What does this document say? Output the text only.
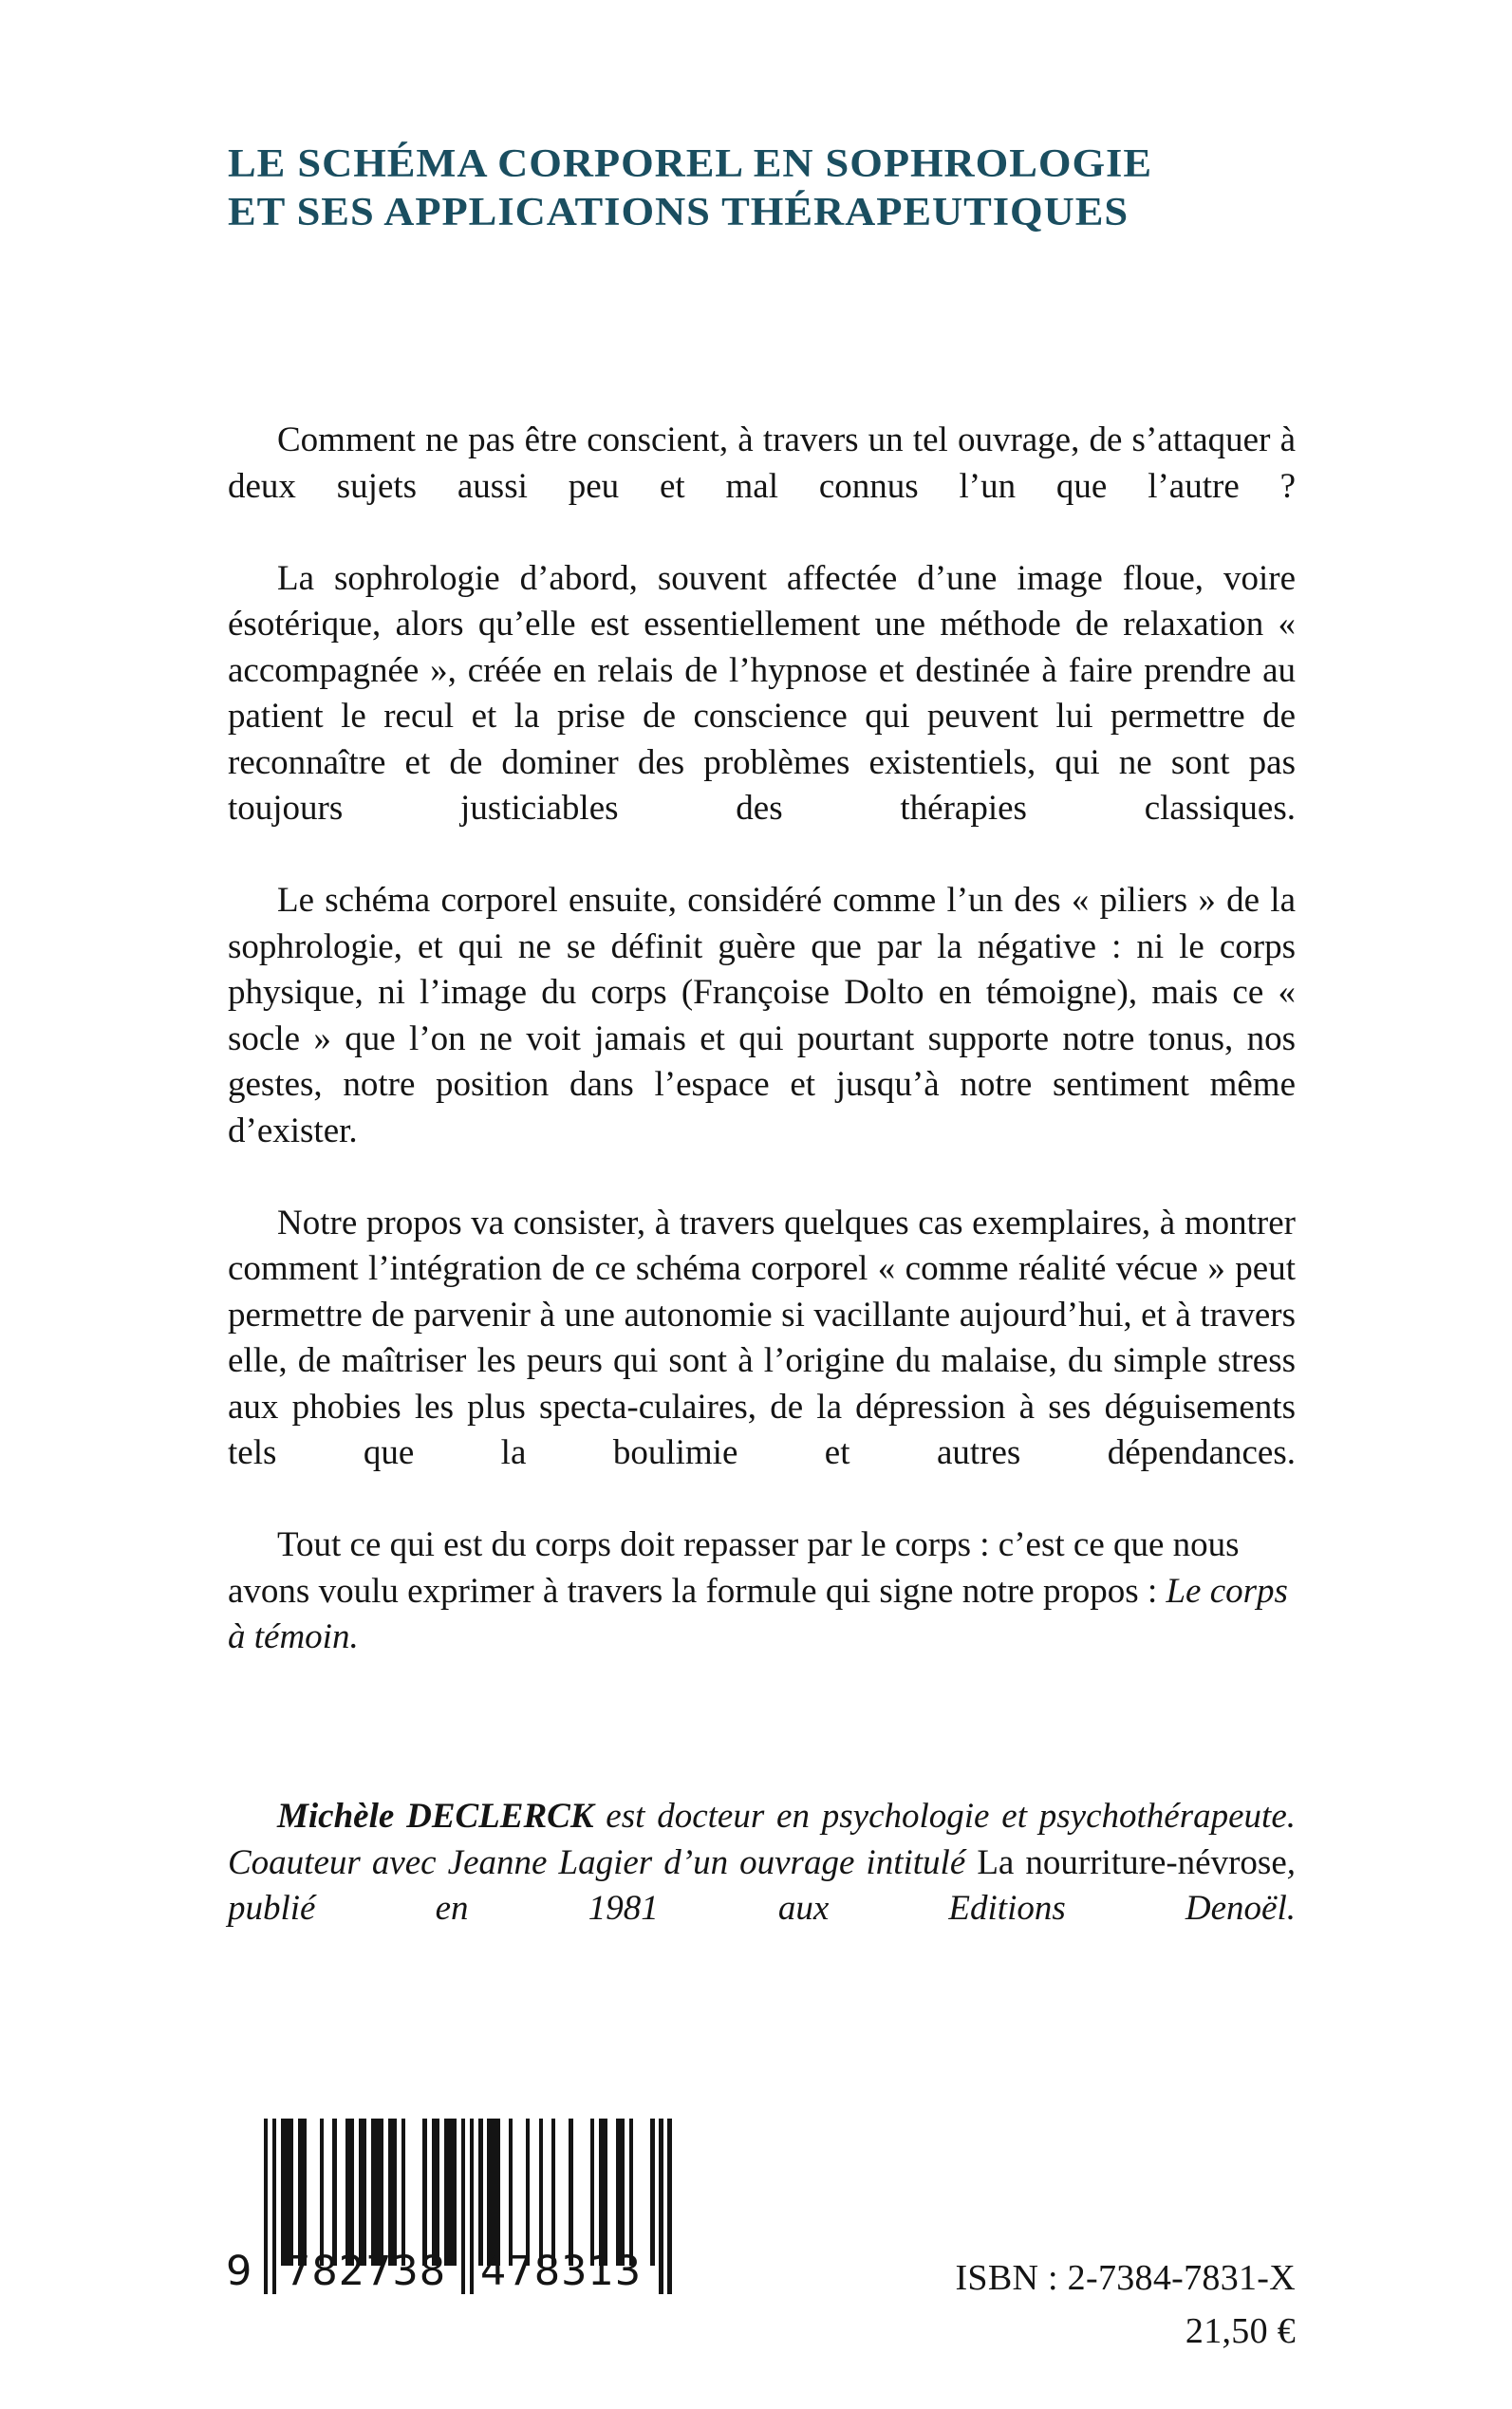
LE SCHÉMA CORPOREL EN SOPHROLOGIE
ET SES APPLICATIONS THÉRAPEUTIQUES

Comment ne pas être conscient, à travers un tel ouvrage, de s’attaquer à deux sujets aussi peu et mal connus l’un que l’autre ?

La sophrologie d’abord, souvent affectée d’une image floue, voire ésotérique, alors qu’elle est essentiellement une méthode de relaxation « accompagnée », créée en relais de l’hypnose et destinée à faire prendre au patient le recul et la prise de conscience qui peuvent lui permettre de reconnaître et de dominer des problèmes existentiels, qui ne sont pas toujours justiciables des thérapies classiques.

Le schéma corporel ensuite, considéré comme l’un des « piliers » de la sophrologie, et qui ne se définit guère que par la négative : ni le corps physique, ni l’image du corps (Françoise Dolto en témoigne), mais ce « socle » que l’on ne voit jamais et qui pourtant supporte notre tonus, nos gestes, notre position dans l’espace et jusqu’à notre sentiment même d’exister.

Notre propos va consister, à travers quelques cas exemplaires, à montrer comment l’intégration de ce schéma corporel « comme réalité vécue » peut permettre de parvenir à une autonomie si vacillante aujourd’hui, et à travers elle, de maîtriser les peurs qui sont à l’origine du malaise, du simple stress aux phobies les plus specta-culaires, de la dépression à ses déguisements tels que la boulimie et autres dépendances.

Tout ce qui est du corps doit repasser par le corps : c’est ce que nous avons voulu exprimer à travers la formule qui signe notre propos : Le corps à témoin.

Michèle DECLERCK est docteur en psychologie et psychothérapeute. Coauteur avec Jeanne Lagier d’un ouvrage intitulé La nourriture-névrose, publié en 1981 aux Editions Denoël.

9 782738 478313	ISBN : 2-7384-7831-X
21,50 €
